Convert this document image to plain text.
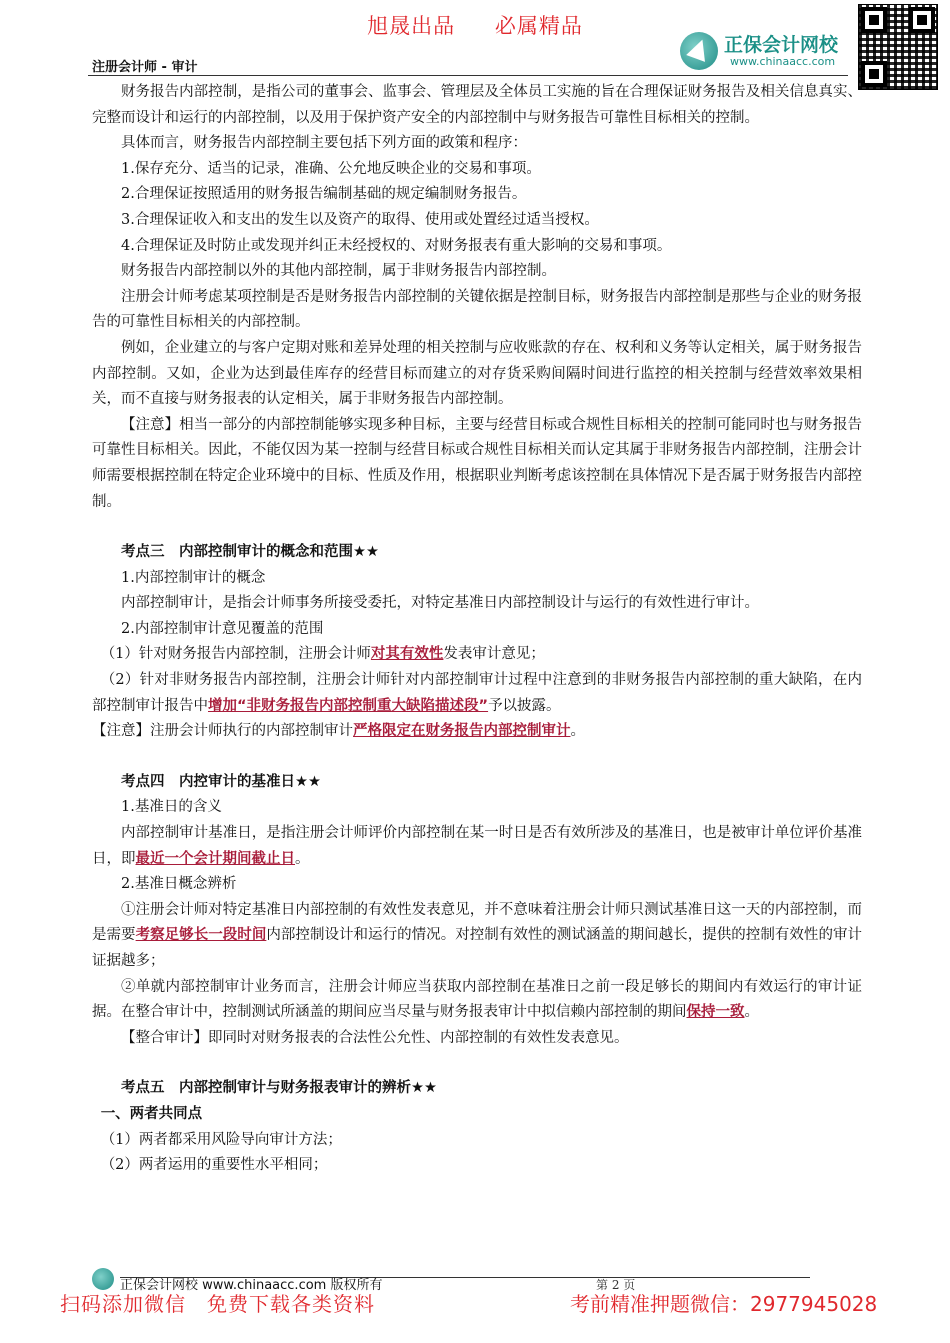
旭晟出品 必属精品
注册会计师 - 审计
正保会计网校
www.chinaacc.com

财务报告内部控制，是指公司的董事会、监事会、管理层及全体员工实施的旨在合理保证财务报告及相关信息真实、完整而设计和运行的内部控制，以及用于保护资产安全的内部控制中与财务报告可靠性目标相关的控制。

具体而言，财务报告内部控制主要包括下列方面的政策和程序：

1.保存充分、适当的记录，准确、公允地反映企业的交易和事项。

2.合理保证按照适用的财务报告编制基础的规定编制财务报告。

3.合理保证收入和支出的发生以及资产的取得、使用或处置经过适当授权。

4.合理保证及时防止或发现并纠正未经授权的、对财务报表有重大影响的交易和事项。

财务报告内部控制以外的其他内部控制，属于非财务报告内部控制。

注册会计师考虑某项控制是否是财务报告内部控制的关键依据是控制目标，财务报告内部控制是那些与企业的财务报告的可靠性目标相关的内部控制。

例如，企业建立的与客户定期对账和差异处理的相关控制与应收账款的存在、权利和义务等认定相关，属于财务报告内部控制。又如，企业为达到最佳库存的经营目标而建立的对存货采购间隔时间进行监控的相关控制与经营效率效果相关，而不直接与财务报表的认定相关，属于非财务报告内部控制。

【注意】相当一部分的内部控制能够实现多种目标，主要与经营目标或合规性目标相关的控制可能同时也与财务报告可靠性目标相关。因此，不能仅因为某一控制与经营目标或合规性目标相关而认定其属于非财务报告内部控制，注册会计师需要根据控制在特定企业环境中的目标、性质及作用，根据职业判断考虑该控制在具体情况下是否属于财务报告内部控制。

考点三　内部控制审计的概念和范围★★

1.内部控制审计的概念

内部控制审计，是指会计师事务所接受委托，对特定基准日内部控制设计与运行的有效性进行审计。

2.内部控制审计意见覆盖的范围

（1）针对财务报告内部控制，注册会计师对其有效性发表审计意见；

（2）针对非财务报告内部控制，注册会计师针对内部控制审计过程中注意到的非财务报告内部控制的重大缺陷，在内部控制审计报告中增加“非财务报告内部控制重大缺陷描述段”予以披露。

【注意】注册会计师执行的内部控制审计严格限定在财务报告内部控制审计。

考点四　内控审计的基准日★★

1.基准日的含义

内部控制审计基准日，是指注册会计师评价内部控制在某一时日是否有效所涉及的基准日，也是被审计单位评价基准日，即最近一个会计期间截止日。

2.基准日概念辨析

①注册会计师对特定基准日内部控制的有效性发表意见，并不意味着注册会计师只测试基准日这一天的内部控制，而是需要考察足够长一段时间内部控制设计和运行的情况。对控制有效性的测试涵盖的期间越长，提供的控制有效性的审计证据越多；

②单就内部控制审计业务而言，注册会计师应当获取内部控制在基准日之前一段足够长的期间内有效运行的审计证据。在整合审计中，控制测试所涵盖的期间应当尽量与财务报表审计中拟信赖内部控制的期间保持一致。

【整合审计】即同时对财务报表的合法性公允性、内部控制的有效性发表意见。

考点五　内部控制审计与财务报表审计的辨析★★

一、两者共同点

（1）两者都采用风险导向审计方法；

（2）两者运用的重要性水平相同；

正保会计网校 www.chinaacc.com 版权所有	第 2 页
扫码添加微信　免费下载各类资料	考前精准押题微信：2977945028
